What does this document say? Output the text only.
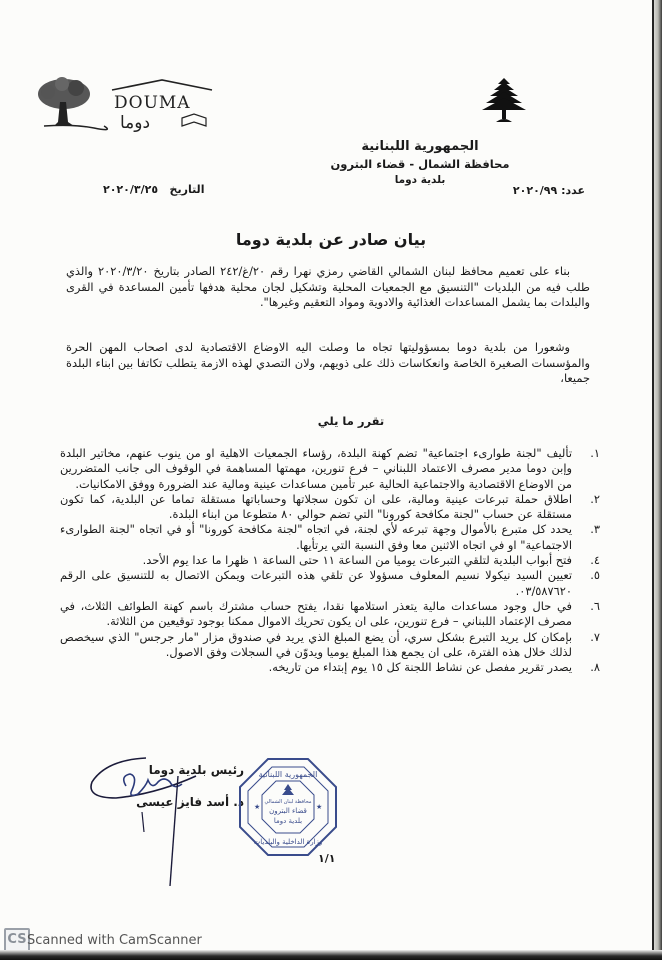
DOUMA
دوما
الجمهورية اللبنانية
محافظة الشمال - قضاء البترون
بلدية دوما
عدد: ٢٠٢٠/٩٩
التاريخ   ٢٠٢٠/٣/٢٥
بيان صادر عن بلدية دوما

بناء على تعميم محافظ لبنان الشمالي القاضي رمزي نهرا رقم ٢٠/غ/٢٤٢ الصادر بتاريخ ٢٠٢٠/٣/٢٠ والذي طلب فيه من البلديات "التنسيق مع الجمعيات المحلية وتشكيل لجان محلية هدفها تأمين المساعدة في القرى والبلدات بما يشمل المساعدات الغذائية والادوية ومواد التعقيم وغيرها".

وشعورا من بلدية دوما بمسؤوليتها تجاه ما وصلت اليه الاوضاع الاقتصادية لدى اصحاب المهن الحرة والمؤسسات الصغيرة الخاصة وانعكاسات ذلك على ذويهم، ولان التصدي لهذه الازمة يتطلب تكاتفا بين ابناء البلدة جميعا،

تقرر ما يلي
١.
تأليف "لجنة طوارىء اجتماعية" تضم كهنة البلدة، رؤساء الجمعيات الاهلية او من ينوب عنهم، مخاتير البلدة وإبن دوما مدير مصرف الاعتماد اللبناني – فرع تنورين، مهمتها المساهمة في الوقوف الى جانب المتضررين من الاوضاع الاقتصادية والاجتماعية الحالية عبر تأمين مساعدات عينية ومالية عند الضرورة ووفق الامكانيات.
٢.
اطلاق حملة تبرعات عينية ومالية، على ان تكون سجلاتها وحساباتها مستقلة تماما عن البلدية، كما تكون مستقلة عن حساب "لجنة مكافحة كورونا" التي تضم حوالي ٨٠ متطوعا من ابناء البلدة.
٣.
يحدد كل متبرع بالأموال وجهة تبرعه لأي لجنة، في اتجاه "لجنة مكافحة كورونا" أو في اتجاه "لجنة الطوارىء الاجتماعية" او في اتجاه الاثنين معا وفق النسبة التي يرتأيها.
٤.
فتح أبواب البلدية لتلقي التبرعات يوميا من الساعة ١١ حتى الساعة ١ ظهرا ما عدا يوم الأحد.
٥.
تعيين السيد نيكولا نسيم المعلوف مسؤولا عن تلقي هذه التبرعات ويمكن الاتصال به للتنسيق على الرقم ٠٣/٥٨٧٦٢٠.
٦.
في حال وجود مساعدات مالية يتعذر استلامها نقدا، يفتح حساب مشترك باسم كهنة الطوائف الثلاث، في مصرف الإعتماد اللبناني – فرع تنورين، على ان يكون تحريك الاموال ممكنا بوجود توقيعين من الثلاثة.
٧.
بإمكان كل يريد التبرع بشكل سري، أن يضع المبلغ الذي يريد في صندوق مزار "مار جرجس" الذي سيخصص لذلك خلال هذه الفترة، على ان يجمع هذا المبلغ يوميا ويدوّن في السجلات وفق الاصول.
٨.
يصدر تقرير مفصل عن نشاط اللجنة كل ١٥ يوم إبتداء من تاريخه.
رئيس بلدية دوما
د. أسد فايز عيسى	محافظة لبنان الشمالي
قضاء البترون
بلدية دوما
★	★
الجمهورية اللبنانية
وزارة الداخلية والبلديات
١/١
CS Scanned with CamScanner
